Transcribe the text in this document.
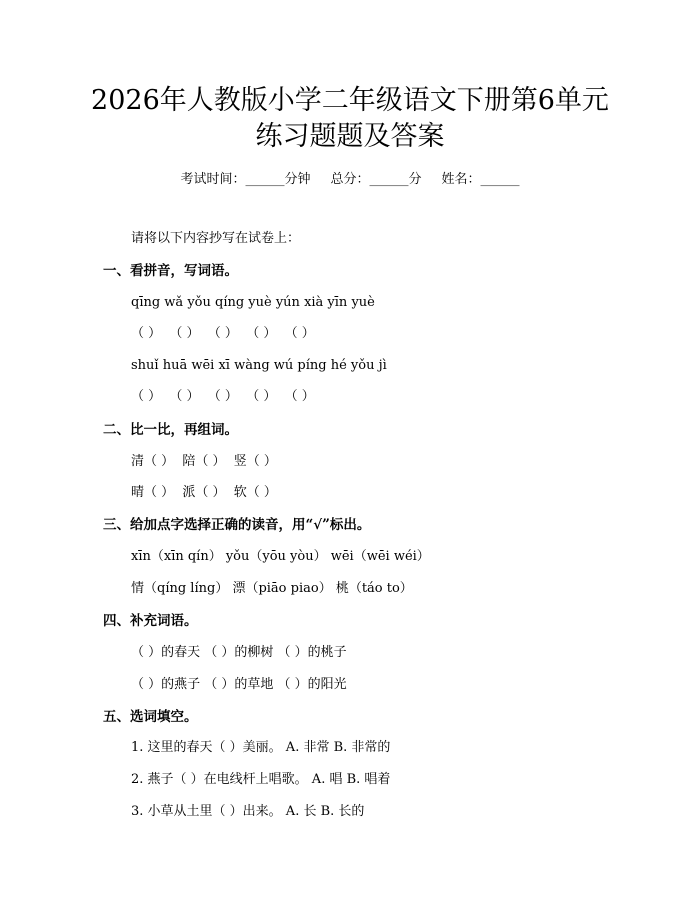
2026年人教版小学二年级语文下册第6单元
练习题题及答案
考试时间：______分钟 总分：______分 姓名：______
请将以下内容抄写在试卷上：
一、看拼音，写词语。
qīng wǎ yǒu qíng yuè yún xià yīn yuè
（ ）  （ ）  （ ）  （ ）  （ ）
shuǐ huā wēi xī wàng wú píng hé yǒu jì
（ ）  （ ）  （ ）  （ ）  （ ）
二、比一比，再组词。
清（ ）  陪（ ）  竖（ ）
晴（ ）  派（ ）  软（ ）
三、给加点字选择正确的读音，用“√”标出。
xīn（xīn qín） yǒu（yōu yòu） wēi（wēi wéi）
情（qíng líng） 漂（piāo piao） 桃（táo to）
四、补充词语。
（ ）的春天 （ ）的柳树 （ ）的桃子
（ ）的燕子 （ ）的草地 （ ）的阳光
五、选词填空。
1. 这里的春天（ ）美丽。 A. 非常 B. 非常的
2. 燕子（ ）在电线杆上唱歌。 A. 唱 B. 唱着
3. 小草从土里（ ）出来。 A. 长 B. 长的
